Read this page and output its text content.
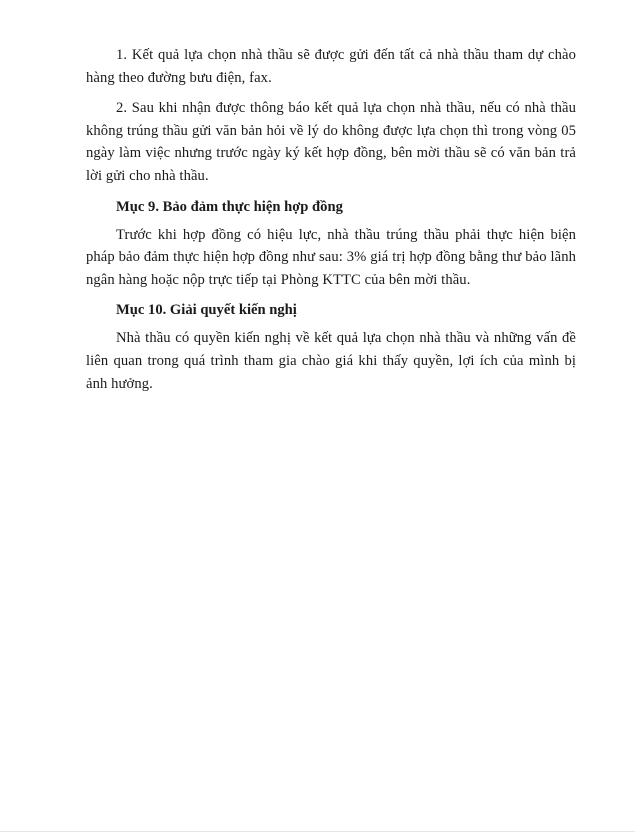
1. Kết quả lựa chọn nhà thầu sẽ được gửi đến tất cả nhà thầu tham dự chào hàng theo đường bưu điện, fax.

2. Sau khi nhận được thông báo kết quả lựa chọn nhà thầu, nếu có nhà thầu không trúng thầu gửi văn bản hỏi về lý do không được lựa chọn thì trong vòng 05 ngày làm việc nhưng trước ngày ký kết hợp đồng, bên mời thầu sẽ có văn bản trả lời gửi cho nhà thầu.

Mục 9. Bảo đảm thực hiện hợp đồng

Trước khi hợp đồng có hiệu lực, nhà thầu trúng thầu phải thực hiện biện pháp bảo đảm thực hiện hợp đồng như sau: 3% giá trị hợp đồng bằng thư bảo lãnh ngân hàng hoặc nộp trực tiếp tại Phòng KTTC của bên mời thầu.

Mục 10. Giải quyết kiến nghị

Nhà thầu có quyền kiến nghị về kết quả lựa chọn nhà thầu và những vấn đề liên quan trong quá trình tham gia chào giá khi thấy quyền, lợi ích của mình bị ảnh hưởng.
